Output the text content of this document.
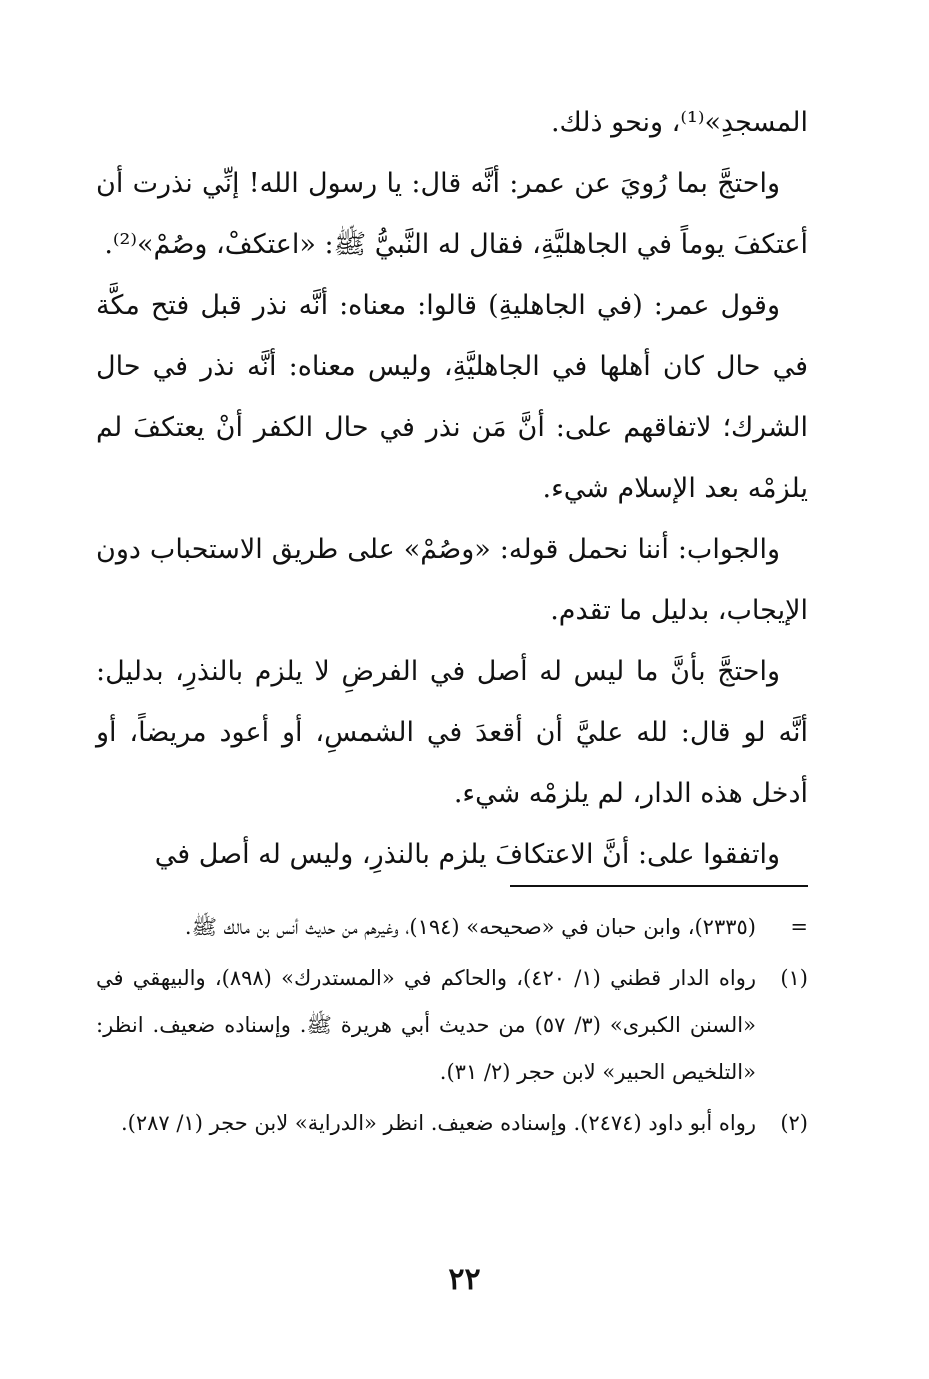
المسجدِ»⁽¹⁾، ونحو ذلك.

واحتجَّ بما رُويَ عن عمر: أنَّه قال: يا رسول الله! إنِّي نذرت أن أعتكفَ يوماً في الجاهليَّةِ، فقال له النَّبيُّ ﷺ: «اعتكفْ، وصُمْ»⁽²⁾.

وقول عمر: (في الجاهليةِ) قالوا: معناه: أنَّه نذر قبل فتح مكَّة في حال كان أهلها في الجاهليَّةِ، وليس معناه: أنَّه نذر في حال الشرك؛ لاتفاقهم على: أنَّ مَن نذر في حال الكفر أنْ يعتكفَ لم يلزمْه بعد الإسلام شيء.

والجواب: أننا نحمل قوله: «وصُمْ» على طريق الاستحباب دون الإيجاب، بدليل ما تقدم.

واحتجَّ بأنَّ ما ليس له أصل في الفرضِ لا يلزم بالنذرِ، بدليل: أنَّه لو قال: لله عليَّ أن أقعدَ في الشمسِ، أو أعود مريضاً، أو أدخل هذه الدار، لم يلزمْه شيء.

واتفقوا على: أنَّ الاعتكافَ يلزم بالنذرِ، وليس له أصل في

=
(٢٣٣٥)، وابن حبان في «صحيحه» (١٩٤)، وغيرهم من حديث أنس بن مالك ﷺ.
(١)
رواه الدار قطني (١/ ٤٢٠)، والحاكم في «المستدرك» (٨٩٨)، والبيهقي في «السنن الكبرى» (٣/ ٥٧) من حديث أبي هريرة ﷺ. وإسناده ضعيف. انظر: «التلخيص الحبير» لابن حجر (٢/ ٣١).
(٢)
رواه أبو داود (٢٤٧٤). وإسناده ضعيف. انظر «الدراية» لابن حجر (١/ ٢٨٧).
٢٢
